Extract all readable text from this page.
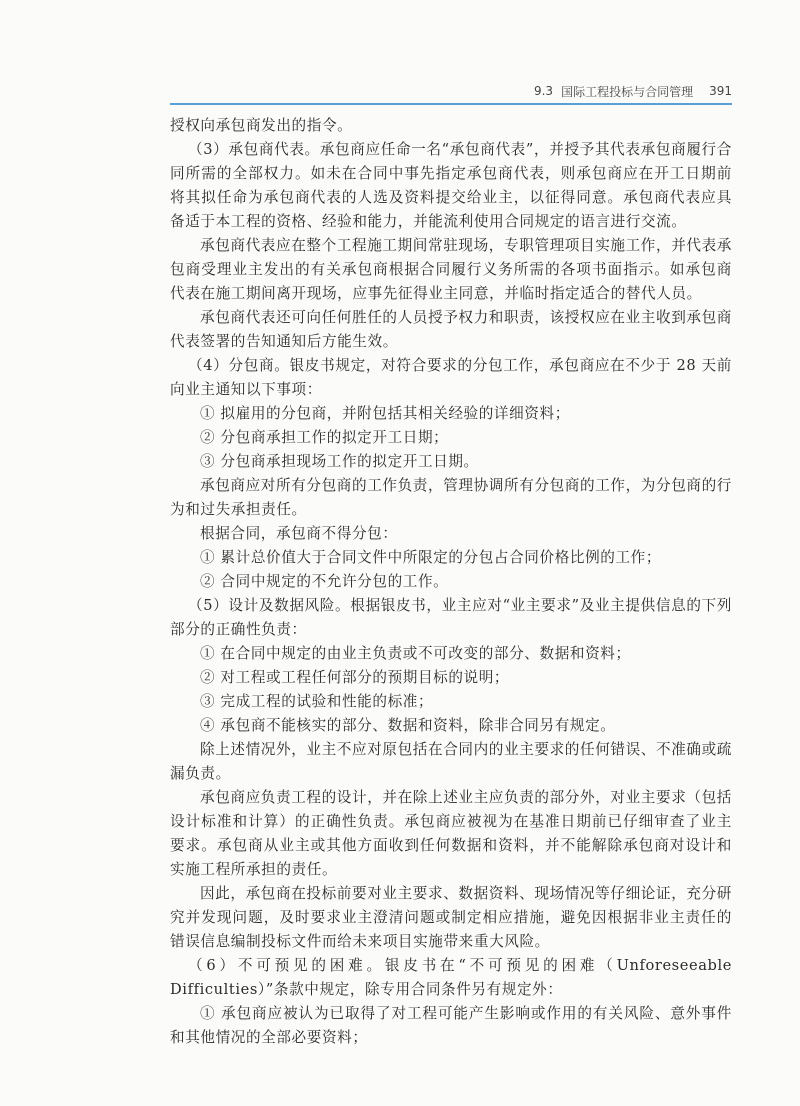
9.3 国际工程投标与合同管理 391

授权向承包商发出的指令。

（3）承包商代表。承包商应任命一名“承包商代表”，并授予其代表承包商履行合同所需的全部权力。如未在合同中事先指定承包商代表，则承包商应在开工日期前将其拟任命为承包商代表的人选及资料提交给业主，以征得同意。承包商代表应具备适于本工程的资格、经验和能力，并能流利使用合同规定的语言进行交流。

承包商代表应在整个工程施工期间常驻现场，专职管理项目实施工作，并代表承包商受理业主发出的有关承包商根据合同履行义务所需的各项书面指示。如承包商代表在施工期间离开现场，应事先征得业主同意，并临时指定适合的替代人员。

承包商代表还可向任何胜任的人员授予权力和职责，该授权应在业主收到承包商代表签署的告知通知后方能生效。

（4）分包商。银皮书规定，对符合要求的分包工作，承包商应在不少于 28 天前向业主通知以下事项：

① 拟雇用的分包商，并附包括其相关经验的详细资料；

② 分包商承担工作的拟定开工日期；

③ 分包商承担现场工作的拟定开工日期。

承包商应对所有分包商的工作负责，管理协调所有分包商的工作，为分包商的行为和过失承担责任。

根据合同，承包商不得分包：

① 累计总价值大于合同文件中所限定的分包占合同价格比例的工作；

② 合同中规定的不允许分包的工作。

（5）设计及数据风险。根据银皮书，业主应对“业主要求”及业主提供信息的下列部分的正确性负责：

① 在合同中规定的由业主负责或不可改变的部分、数据和资料；

② 对工程或工程任何部分的预期目标的说明；

③ 完成工程的试验和性能的标准；

④ 承包商不能核实的部分、数据和资料，除非合同另有规定。

除上述情况外，业主不应对原包括在合同内的业主要求的任何错误、不准确或疏漏负责。

承包商应负责工程的设计，并在除上述业主应负责的部分外，对业主要求（包括设计标准和计算）的正确性负责。承包商应被视为在基准日期前已仔细审查了业主要求。承包商从业主或其他方面收到任何数据和资料，并不能解除承包商对设计和实施工程所承担的责任。

因此，承包商在投标前要对业主要求、数据资料、现场情况等仔细论证，充分研究并发现问题，及时要求业主澄清问题或制定相应措施，避免因根据非业主责任的错误信息编制投标文件而给未来项目实施带来重大风险。

（6）不可预见的困难。银皮书在“不可预见的困难（Unforeseeable Difficulties）”条款中规定，除专用合同条件另有规定外：

① 承包商应被认为已取得了对工程可能产生影响或作用的有关风险、意外事件和其他情况的全部必要资料；
